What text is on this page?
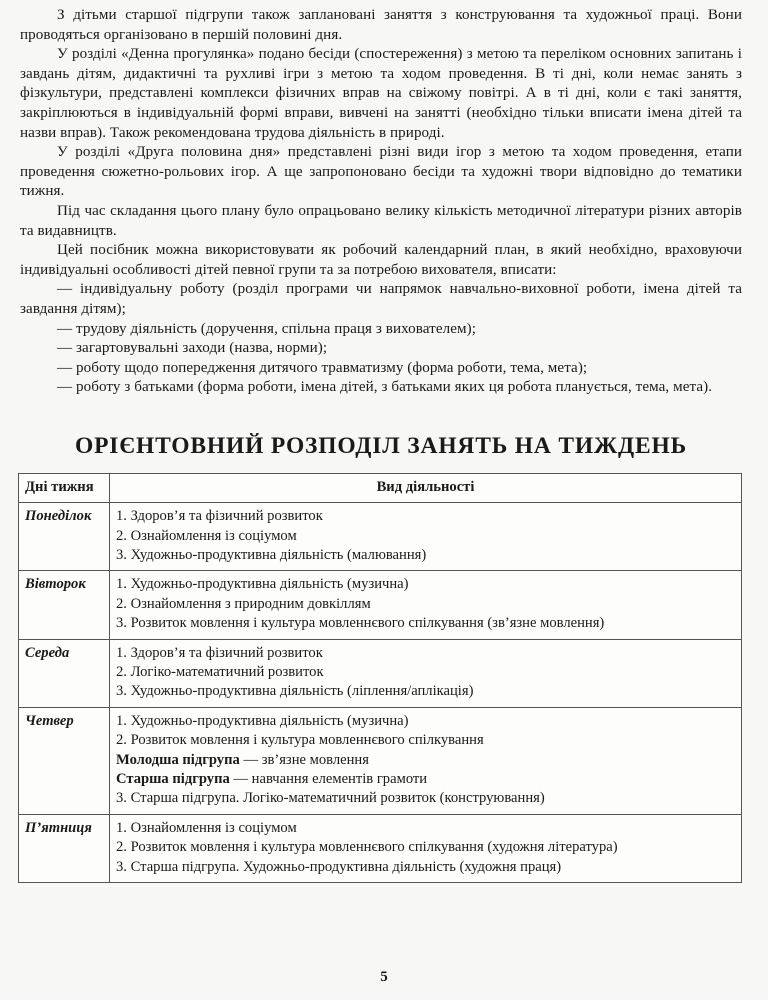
З дітьми старшої підгрупи також заплановані заняття з конструювання та художньої праці. Вони проводяться організовано в першій половині дня.

У розділі «Денна прогулянка» подано бесіди (спостереження) з метою та переліком основних запитань і завдань дітям, дидактичні та рухливі ігри з метою та ходом проведення. В ті дні, коли немає занять з фізкультури, представлені комплекси фізичних вправ на свіжому повітрі. А в ті дні, коли є такі заняття, закріплюються в індивідуальній формі вправи, вивчені на занятті (необхідно тільки вписати імена дітей та назви вправ). Також рекомендована трудова діяльність в природі.

У розділі «Друга половина дня» представлені різні види ігор з метою та ходом проведення, етапи проведення сюжетно-рольових ігор. А ще запропоновано бесіди та художні твори відповідно до тематики тижня.

Під час складання цього плану було опрацьовано велику кількість методичної літератури різних авторів та видавництв.

Цей посібник можна використовувати як робочий календарний план, в який необхідно, враховуючи індивідуальні особливості дітей певної групи та за потребою вихователя, вписати:

— індивідуальну роботу (розділ програми чи напрямок навчально-виховної роботи, імена дітей та завдання дітям);

— трудову діяльність (доручення, спільна праця з вихователем);

— загартовувальні заходи (назва, норми);

— роботу щодо попередження дитячого травматизму (форма роботи, тема, мета);

— роботу з батьками (форма роботи, імена дітей, з батьками яких ця робота планується, тема, мета).

ОРІЄНТОВНИЙ РОЗПОДІЛ ЗАНЯТЬ НА ТИЖДЕНЬ
Дні тижня	Вид діяльності
Понеділок	1. Здоров’я та фізичний розвиток
2. Ознайомлення із соціумом
3. Художньо-продуктивна діяльність (малювання)

Вівторок	1. Художньо-продуктивна діяльність (музична)
2. Ознайомлення з природним довкіллям
3. Розвиток мовлення і культура мовленнєвого спілкування (зв’язне мовлення)

Середа	1. Здоров’я та фізичний розвиток
2. Логіко-математичний розвиток
3. Художньо-продуктивна діяльність (ліплення/аплікація)

Четвер	1. Художньо-продуктивна діяльність (музична)
2. Розвиток мовлення і культура мовленнєвого спілкування
Молодша підгрупа — зв’язне мовлення
Старша підгрупа — навчання елементів грамоти
3. Старша підгрупа. Логіко-математичний розвиток (конструювання)

П’ятниця	1. Ознайомлення із соціумом
2. Розвиток мовлення і культура мовленнєвого спілкування (художня література)
3. Старша підгрупа. Художньо-продуктивна діяльність (художня праця)
5
